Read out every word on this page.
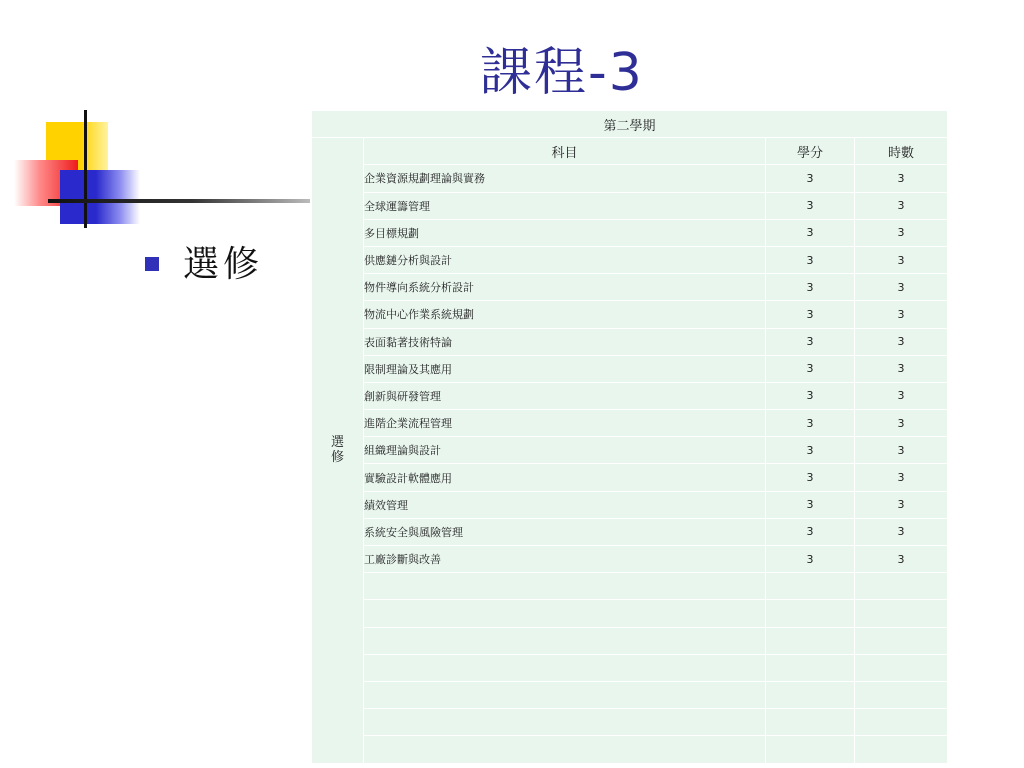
課程-3
選修
第二學期			
選修	科目	學分	時數
	企業資源規劃理論與實務	3	3
	全球運籌管理	3	3
	多目標規劃	3	3
	供應鏈分析與設計	3	3
	物件導向系統分析設計	3	3
	物流中心作業系統規劃	3	3
	表面黏著技術特論	3	3
	限制理論及其應用	3	3
	創新與研發管理	3	3
	進階企業流程管理	3	3
	組織理論與設計	3	3
	實驗設計軟體應用	3	3
	績效管理	3	3
	系統安全與風險管理	3	3
	工廠診斷與改善	3	3
